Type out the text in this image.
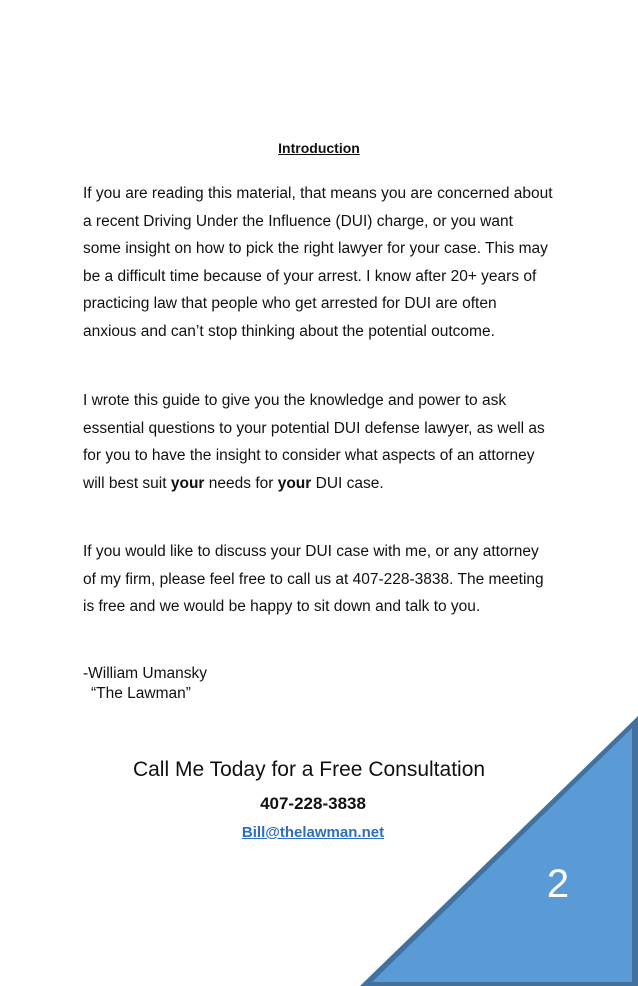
Introduction
If you are reading this material, that means you are concerned about a recent Driving Under the Influence (DUI) charge, or you want some insight on how to pick the right lawyer for your case. This may be a difficult time because of your arrest. I know after 20+ years of practicing law that people who get arrested for DUI are often anxious and can’t stop thinking about the potential outcome.
I wrote this guide to give you the knowledge and power to ask essential questions to your potential DUI defense lawyer, as well as for you to have the insight to consider what aspects of an attorney will best suit your needs for your DUI case.
If you would like to discuss your DUI case with me, or any attorney of my firm, please feel free to call us at 407-228-3838. The meeting is free and we would be happy to sit down and talk to you.
-William Umansky
“The Lawman”
Call Me Today for a Free Consultation
407-228-3838
Bill@thelawman.net
2
